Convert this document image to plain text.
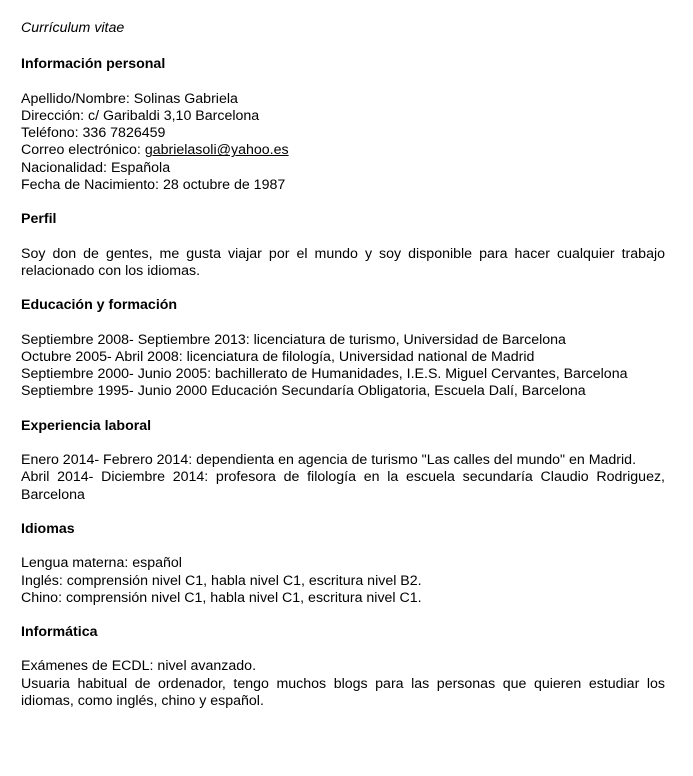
Currículum vitae

Información personal

Apellido/Nombre: Solinas Gabriela
Dirección: c/ Garibaldi 3,10 Barcelona
Teléfono: 336 7826459
Correo electrónico: gabrielasoli@yahoo.es
Nacionalidad: Española
Fecha de Nacimiento: 28 octubre de 1987

Perfil

Soy don de gentes, me gusta viajar por el mundo y soy disponible para hacer cualquier trabajo relacionado con los idiomas.

Educación y formación

Septiembre 2008- Septiembre 2013: licenciatura de turismo, Universidad de Barcelona
Octubre 2005- Abril 2008: licenciatura de filología, Universidad national de Madrid
Septiembre 2000- Junio 2005: bachillerato de Humanidades, I.E.S. Miguel Cervantes, Barcelona
Septiembre 1995- Junio 2000 Educación Secundaría Obligatoria, Escuela Dalí, Barcelona

Experiencia laboral

Enero 2014- Febrero 2014: dependienta en agencia de turismo "Las calles del mundo" en Madrid.

Abril 2014- Diciembre 2014: profesora de filología en la escuela secundaría Claudio Rodriguez, Barcelona

Idiomas

Lengua materna: español
Inglés: comprensión nivel C1, habla nivel C1, escritura nivel B2.
Chino: comprensión nivel C1, habla nivel C1, escritura nivel C1.

Informática

Exámenes de ECDL: nivel avanzado.

Usuaria habitual de ordenador, tengo muchos blogs para las personas que quieren estudiar los idiomas, como inglés, chino y español.
